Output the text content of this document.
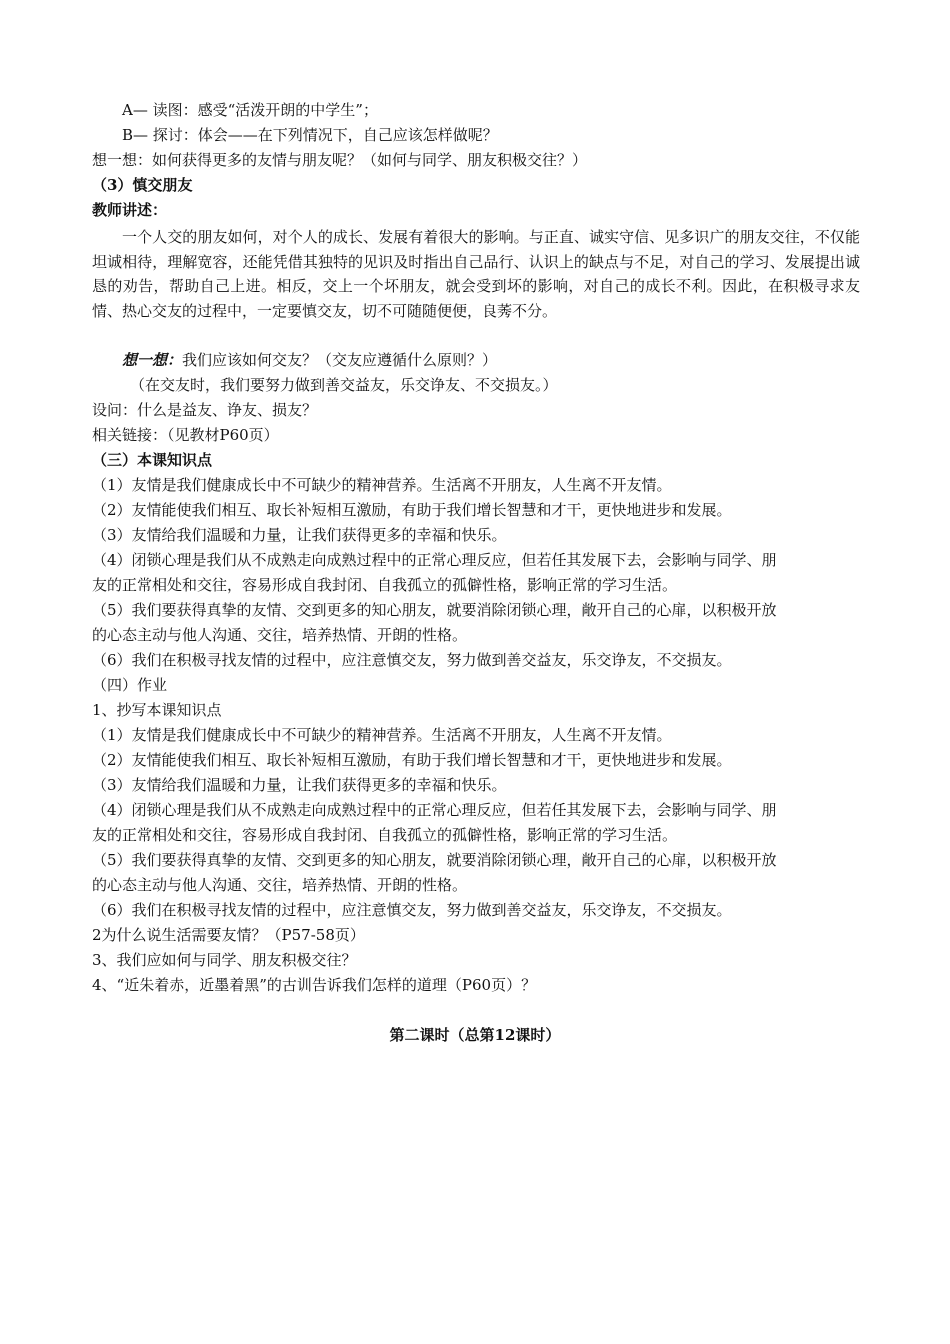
A— 读图：感受“活泼开朗的中学生”；
B— 探讨：体会——在下列情况下，自己应该怎样做呢？
想一想：如何获得更多的友情与朋友呢？（如何与同学、朋友积极交往？）
（3）慎交朋友
教师讲述：
一个人交的朋友如何，对个人的成长、发展有着很大的影响。与正直、诚实守信、见多识广的朋友交往，不仅能坦诚相待，理解宽容，还能凭借其独特的见识及时指出自己品行、认识上的缺点与不足，对自己的学习、发展提出诚恳的劝告，帮助自己上进。相反，交上一个坏朋友，就会受到坏的影响，对自己的成长不利。因此，在积极寻求友情、热心交友的过程中，一定要慎交友，切不可随随便便，良莠不分。
想一想：我们应该如何交友？（交友应遵循什么原则？）
（在交友时，我们要努力做到善交益友，乐交诤友、不交损友。）
设问：什么是益友、诤友、损友？
相关链接：（见教材P60页）
（三）本课知识点
（1）友情是我们健康成长中不可缺少的精神营养。生活离不开朋友，人生离不开友情。
（2）友情能使我们相互、取长补短相互激励，有助于我们增长智慧和才干，更快地进步和发展。
（3）友情给我们温暖和力量，让我们获得更多的幸福和快乐。
（4）闭锁心理是我们从不成熟走向成熟过程中的正常心理反应，但若任其发展下去，会影响与同学、朋
友的正常相处和交往，容易形成自我封闭、自我孤立的孤僻性格，影响正常的学习生活。
（5）我们要获得真挚的友情、交到更多的知心朋友，就要消除闭锁心理，敞开自己的心扉，以积极开放
的心态主动与他人沟通、交往，培养热情、开朗的性格。
（6）我们在积极寻找友情的过程中，应注意慎交友，努力做到善交益友，乐交诤友，不交损友。
（四）作业
1、抄写本课知识点
（1）友情是我们健康成长中不可缺少的精神营养。生活离不开朋友，人生离不开友情。
（2）友情能使我们相互、取长补短相互激励，有助于我们增长智慧和才干，更快地进步和发展。
（3）友情给我们温暖和力量，让我们获得更多的幸福和快乐。
（4）闭锁心理是我们从不成熟走向成熟过程中的正常心理反应，但若任其发展下去，会影响与同学、朋
友的正常相处和交往，容易形成自我封闭、自我孤立的孤僻性格，影响正常的学习生活。
（5）我们要获得真挚的友情、交到更多的知心朋友，就要消除闭锁心理，敞开自己的心扉，以积极开放
的心态主动与他人沟通、交往，培养热情、开朗的性格。
（6）我们在积极寻找友情的过程中，应注意慎交友，努力做到善交益友，乐交诤友，不交损友。
2为什么说生活需要友情？（P57-58页）
3、我们应如何与同学、朋友积极交往？
4、“近朱着赤，近墨着黑”的古训告诉我们怎样的道理（P60页）？
第二课时（总第12课时）
